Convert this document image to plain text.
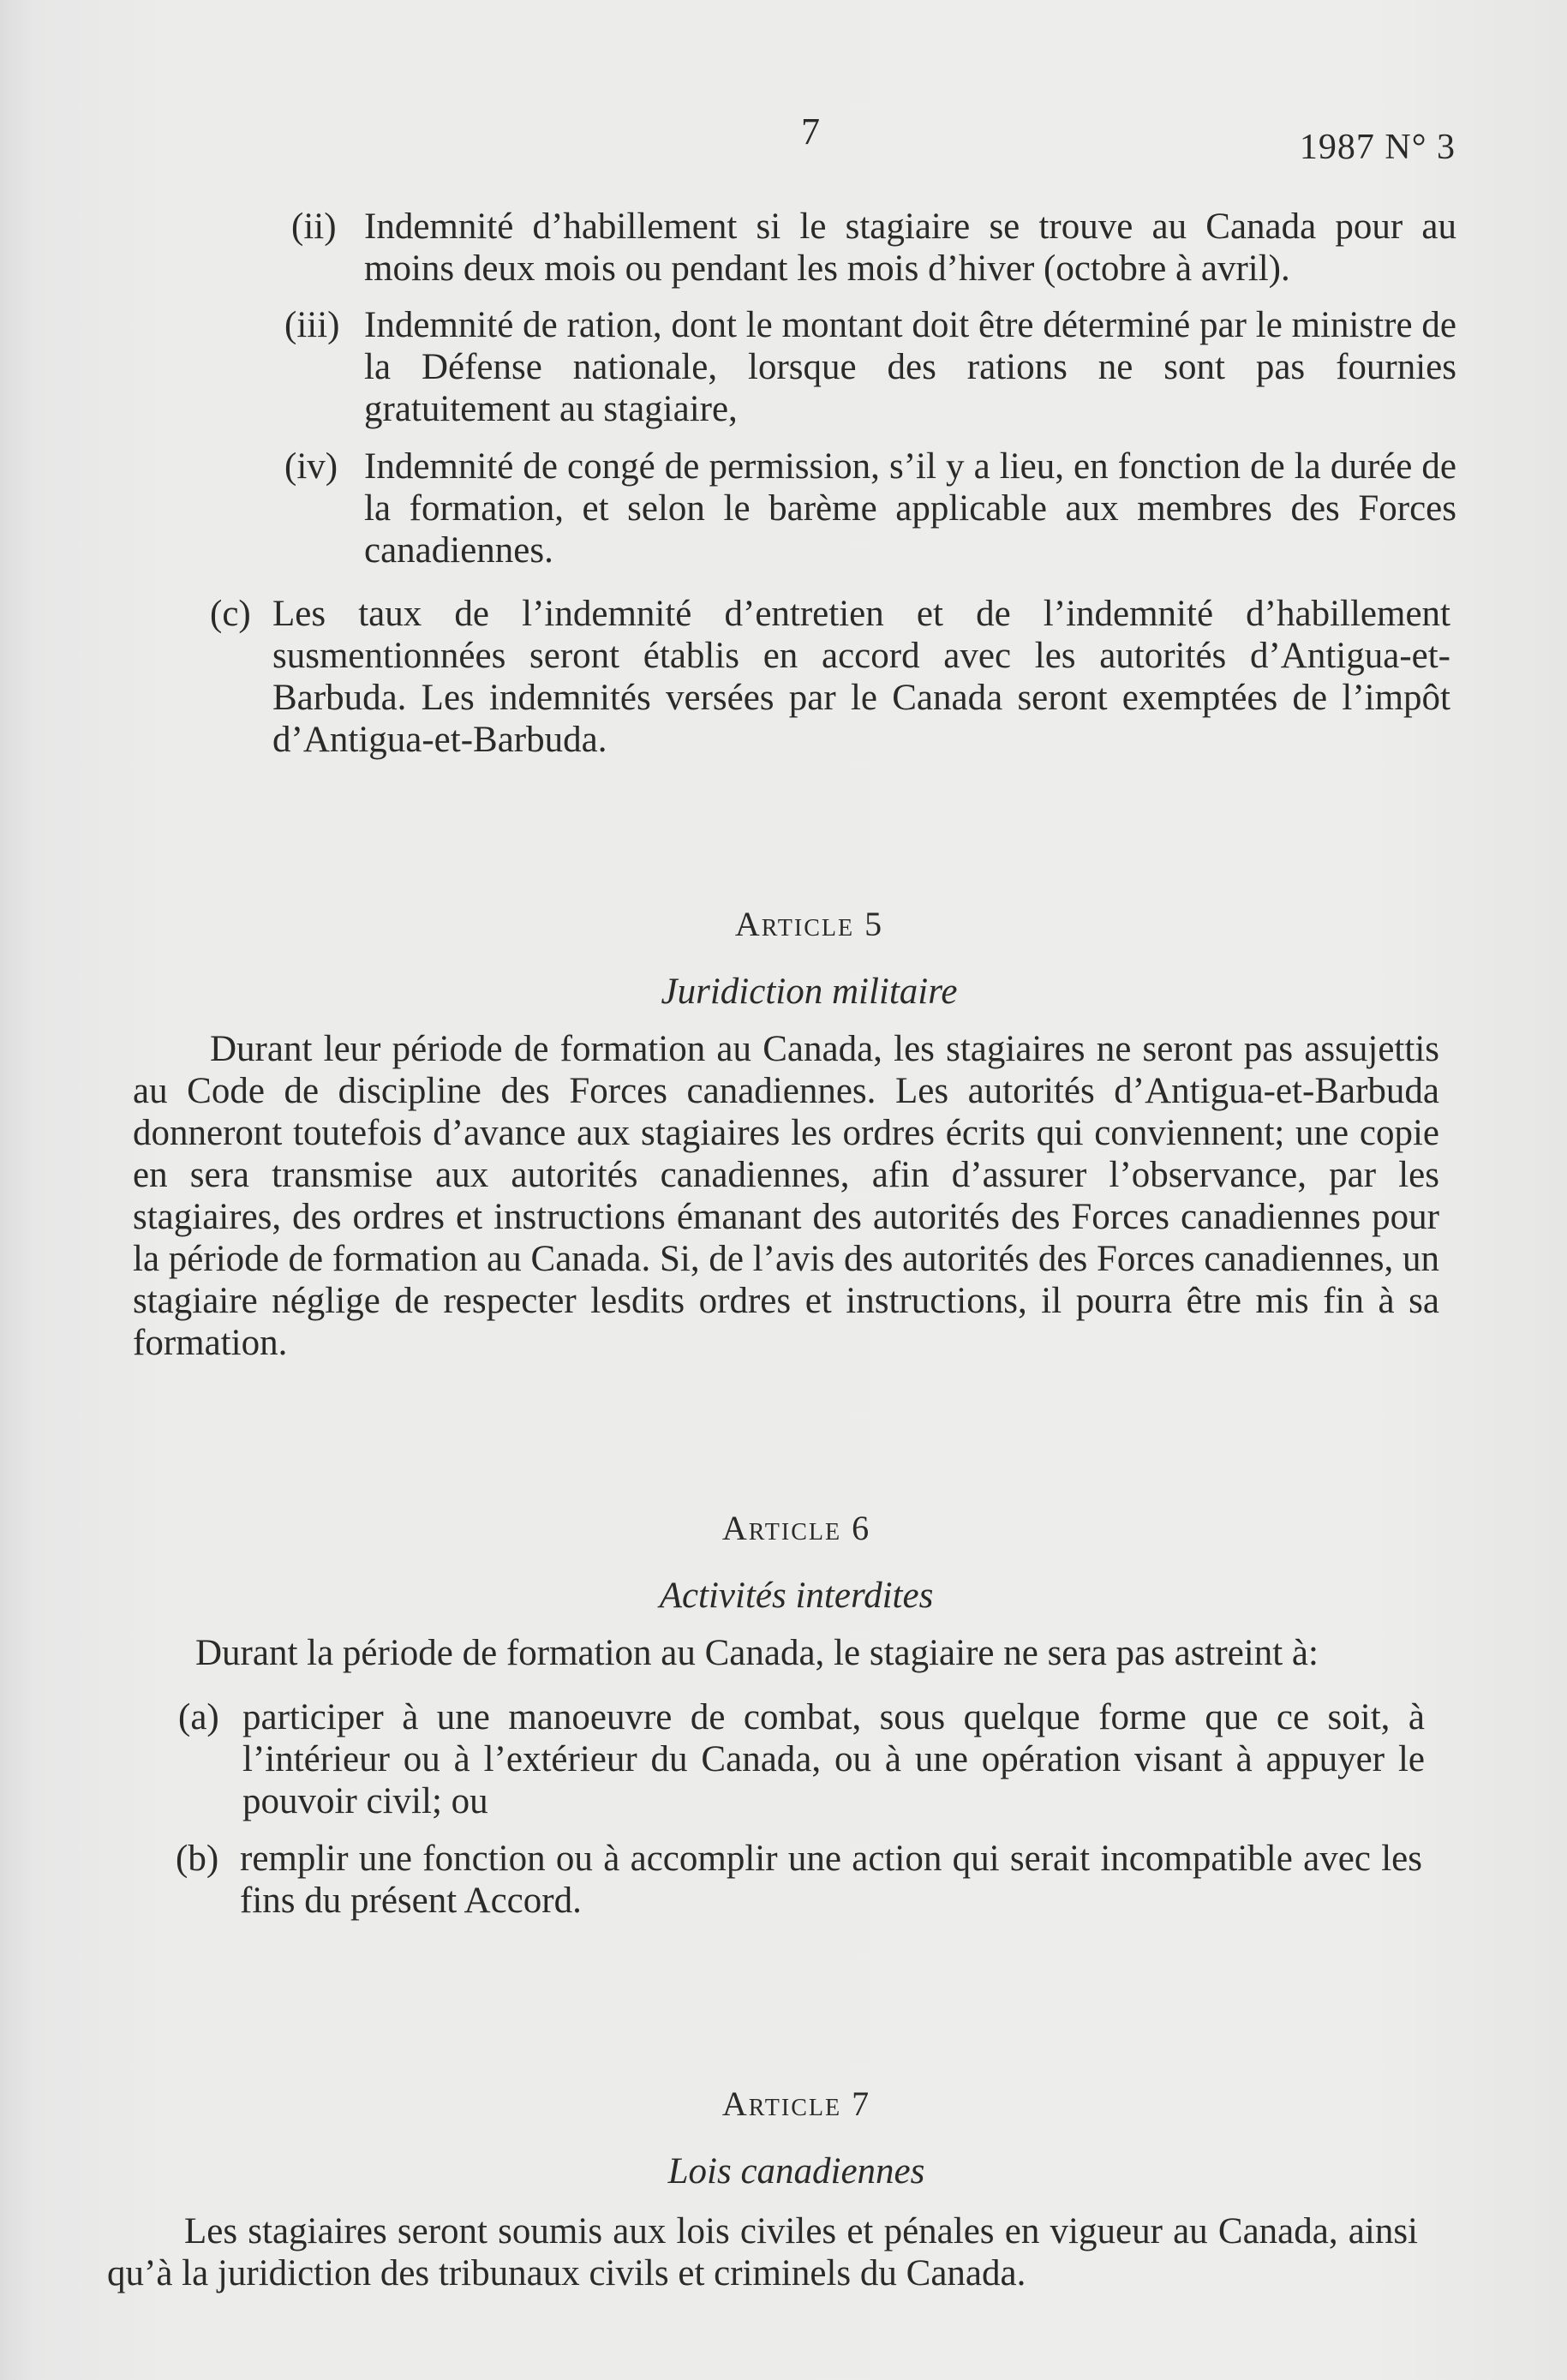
7	1987 N° 3
(ii) Indemnité d’habillement si le stagiaire se trouve au Canada pour au moins deux mois ou pendant les mois d’hiver (octobre à avril).
(iii) Indemnité de ration, dont le montant doit être déterminé par le ministre de la Défense nationale, lorsque des rations ne sont pas fournies gratuitement au stagiaire,
(iv) Indemnité de congé de permission, s’il y a lieu, en fonction de la durée de la formation, et selon le barème applicable aux membres des Forces canadiennes.
(c) Les taux de l’indemnité d’entretien et de l’indemnité d’habillement susmentionnées seront établis en accord avec les autorités d’Antigua-et-Barbuda. Les indemnités versées par le Canada seront exemptées de l’impôt d’Antigua-et-Barbuda.
Article 5
Juridiction militaire
Durant leur période de formation au Canada, les stagiaires ne seront pas assujettis au Code de discipline des Forces canadiennes. Les autorités d’Antigua-et-Barbuda donneront toutefois d’avance aux stagiaires les ordres écrits qui conviennent; une copie en sera transmise aux autorités canadiennes, afin d’assurer l’observance, par les stagiaires, des ordres et instructions émanant des autorités des Forces canadiennes pour la période de formation au Canada. Si, de l’avis des autorités des Forces canadiennes, un stagiaire néglige de respecter lesdits ordres et instructions, il pourra être mis fin à sa formation.
Article 6
Activités interdites
Durant la période de formation au Canada, le stagiaire ne sera pas astreint à:
(a) participer à une manoeuvre de combat, sous quelque forme que ce soit, à l’intérieur ou à l’extérieur du Canada, ou à une opération visant à appuyer le pouvoir civil; ou
(b) remplir une fonction ou à accomplir une action qui serait incompatible avec les fins du présent Accord.
Article 7
Lois canadiennes
Les stagiaires seront soumis aux lois civiles et pénales en vigueur au Canada, ainsi qu’à la juridiction des tribunaux civils et criminels du Canada.
